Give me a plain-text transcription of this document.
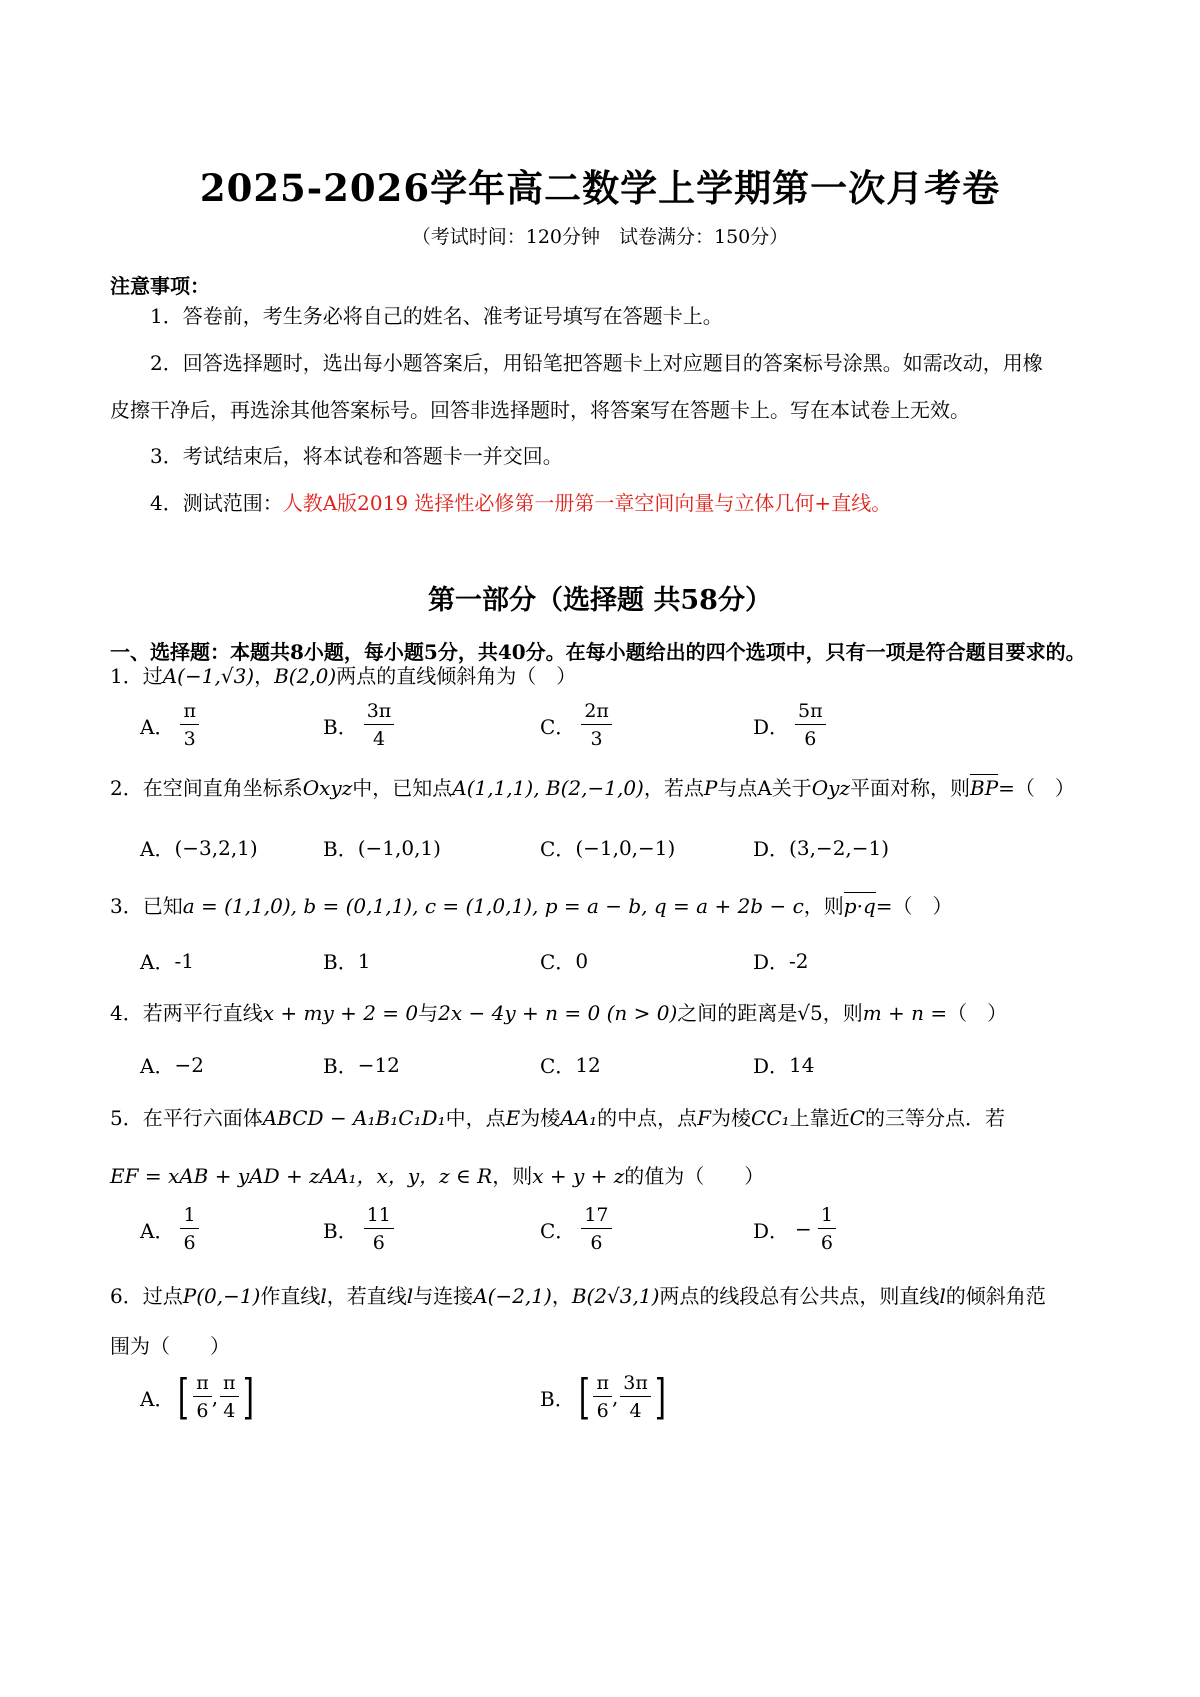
2025-2026学年高二数学上学期第一次月考卷
（考试时间：120分钟　试卷满分：150分）
注意事项：
1．答卷前，考生务必将自己的姓名、准考证号填写在答题卡上。
2．回答选择题时，选出每小题答案后，用铅笔把答题卡上对应题目的答案标号涂黑。如需改动，用橡
皮擦干净后，再选涂其他答案标号。回答非选择题时，将答案写在答题卡上。写在本试卷上无效。
3．考试结束后，将本试卷和答题卡一并交回。
4．测试范围：人教A版2019 选择性必修第一册第一章空间向量与立体几何+直线。
第一部分（选择题 共58分）
一、选择题：本题共8小题，每小题5分，共40分。在每小题给出的四个选项中，只有一项是符合题目要求的。
1．过A(−1,√3)，B(2,0)两点的直线倾斜角为（　）
A． $\frac{\pi}{3}$	B． $\frac{3\pi}{4}$	C． $\frac{2\pi}{3}$	D． $\frac{5\pi}{6}$
2．在空间直角坐标系Oxyz中，已知点A(1,1,1), B(2,−1,0)，若点P与点A关于Oyz平面对称，则BP=（　）
A． (−3,2,1)	B． (−1,0,1)	C． (−1,0,−1)	D． (3,−2,−1)
3．已知a = (1,1,0), b = (0,1,1), c = (1,0,1), p = a − b, q = a + 2b − c，则p·q=（　）
A． -1	B． 1	C． 0	D． -2
4．若两平行直线x + my + 2 = 0与2x − 4y + n = 0 (n > 0)之间的距离是√5，则m + n =（　）
A． −2	B． −12	C． 12	D． 14
5．在平行六面体ABCD − A₁B₁C₁D₁中，点E为棱AA₁的中点，点F为棱CC₁上靠近C的三等分点．若
EF = xAB + yAD + zAA₁，x，y，z ∈ R，则x + y + z的值为（　　）
A． $\frac{1}{6}$	B． $\frac{11}{6}$	C． $\frac{17}{6}$	D． − $\frac{1}{6}$
6．过点P(0,−1)作直线l，若直线l与连接A(−2,1)，B(2√3,1)两点的线段总有公共点，则直线l的倾斜角范
围为（　　）
A． [ $\frac{\pi}{6}$ , $\frac{\pi}{4}$ ]	B． [ $\frac{\pi}{6}$ , $\frac{3\pi}{4}$ ]
